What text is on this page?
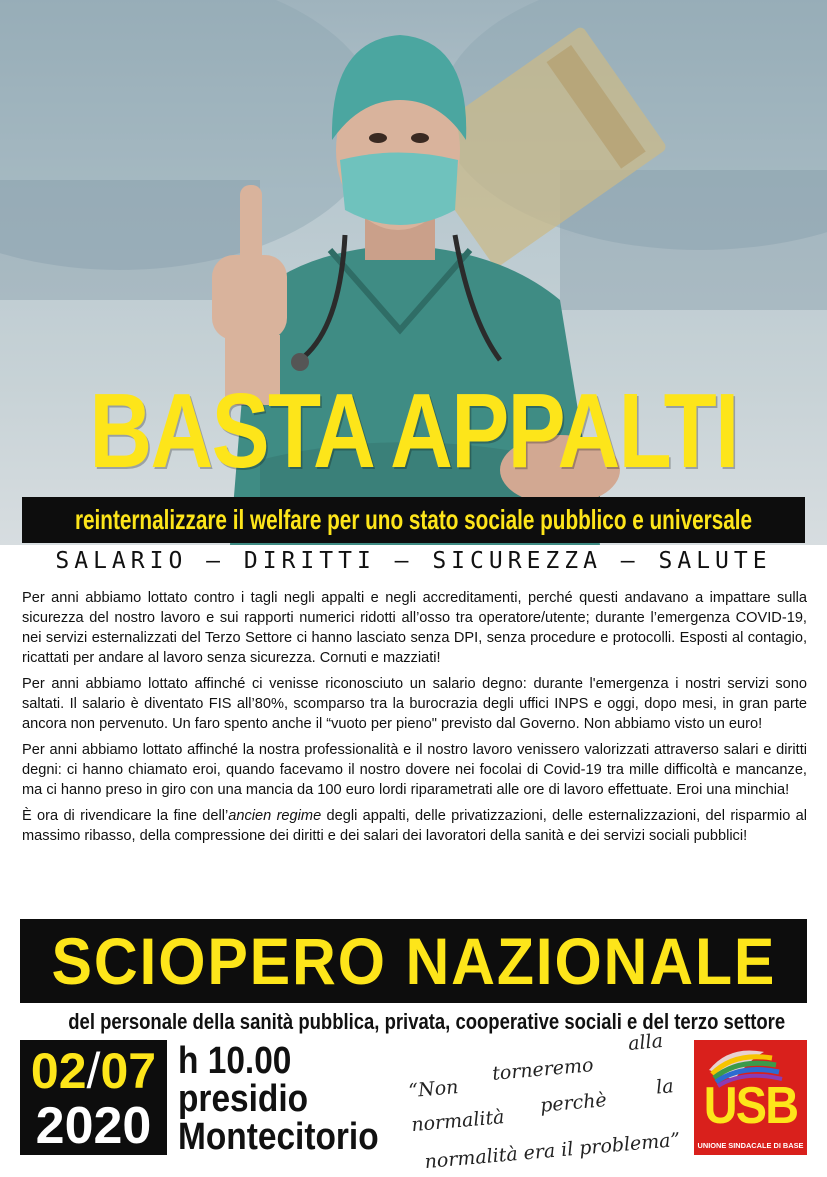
BASTA APPALTI
reinternalizzare il welfare per uno stato sociale pubblico e universale
SALARIO – DIRITTI – SICUREZZA – SALUTE

Per anni abbiamo lottato contro i tagli negli appalti e negli accreditamenti, perché questi andavano a impattare sulla sicurezza del nostro lavoro e sui rapporti numerici ridotti all’osso tra operatore/utente; durante l’emergenza COVID-19, nei servizi esternalizzati del Terzo Settore ci hanno lasciato senza DPI, senza procedure e protocolli. Esposti al contagio, ricattati per andare al lavoro senza sicurezza. Cornuti e mazziati!

Per anni abbiamo lottato affinché ci venisse riconosciuto un salario degno: durante l'emergenza i nostri servizi sono saltati. Il salario è diventato FIS all’80%, scomparso tra la burocrazia degli uffici INPS e oggi, dopo mesi, in gran parte ancora non pervenuto. Un faro spento anche il “vuoto per pieno" previsto dal Governo. Non abbiamo visto un euro!

Per anni abbiamo lottato affinché la nostra professionalità e il nostro lavoro venissero valorizzati attraverso salari e diritti degni: ci hanno chiamato eroi, quando facevamo il nostro dovere nei focolai di Covid-19 tra mille difficoltà e mancanze, ma ci hanno preso in giro con una mancia da 100 euro lordi riparametrati alle ore di lavoro effettuate. Eroi una minchia!

È ora di rivendicare la fine dell’ancien regime degli appalti, delle privatizzazioni, delle esternalizzazioni, del risparmio al massimo ribasso, della compressione dei diritti e dei salari dei lavoratori della sanità e dei servizi sociali pubblici!

SCIOPERO NAZIONALE
del personale della sanità pubblica, privata, cooperative sociali e del terzo settore
02/07
2020
h 10.00
presidio
Montecitorio
“Non
torneremo
alla
normalità
perchè
la
normalità era il problema”
USB
UNIONE SINDACALE DI BASE
